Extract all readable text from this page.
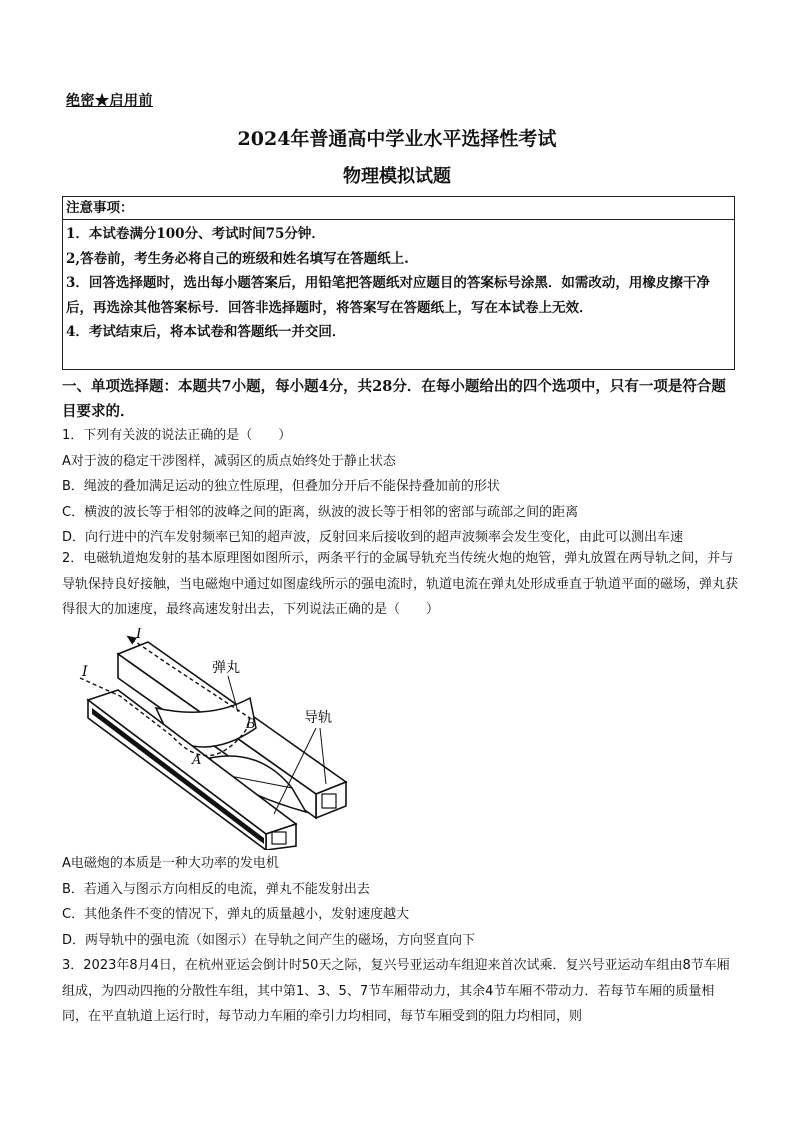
绝密★启用前
2024年普通高中学业水平选择性考试
物理模拟试题
注意事项：

1．本试卷满分100分、考试时间75分钟．

2,答卷前，考生务必将自己的班级和姓名填写在答题纸上.

3．回答选择题时，选出每小题答案后，用铅笔把答题纸对应题目的答案标号涂黑．如需改动，用橡皮擦干净后，再选涂其他答案标号．回答非选择题时，将答案写在答题纸上，写在本试卷上无效．

4．考试结束后，将本试卷和答题纸一并交回．

一、单项选择题：本题共7小题，每小题4分，共28分．在每小题给出的四个选项中，只有一项是符合题目要求的．

1．下列有关波的说法正确的是（　　）

A对于波的稳定干涉图样，减弱区的质点始终处于静止状态

B．绳波的叠加满足运动的独立性原理，但叠加分开后不能保持叠加前的形状

C．横波的波长等于相邻的波峰之间的距离，纵波的波长等于相邻的密部与疏部之间的距离

D．向行进中的汽车发射频率已知的超声波，反射回来后接收到的超声波频率会发生变化，由此可以测出车速

2．电磁轨道炮发射的基本原理图如图所示，两条平行的金属导轨充当传统火炮的炮管，弹丸放置在两导轨之间，并与导轨保持良好接触，当电磁炮中通过如图虚线所示的强电流时，轨道电流在弹丸处形成垂直于轨道平面的磁场，弹丸获得很大的加速度，最终高速发射出去，下列说法正确的是（　　）

I
I
B
A
弹丸
导轨

A电磁炮的本质是一种大功率的发电机

B．若通入与图示方向相反的电流，弹丸不能发射出去

C．其他条件不变的情况下，弹丸的质量越小，发射速度越大

D．两导轨中的强电流（如图示）在导轨之间产生的磁场，方向竖直向下

3．2023年8月4日，在杭州亚运会倒计时50天之际，复兴号亚运动车组迎来首次试乘．复兴号亚运动车组由8节车厢组成，为四动四拖的分散性车组，其中第1、3、5、7节车厢带动力，其余4节车厢不带动力．若每节车厢的质量相同，在平直轨道上运行时，每节动力车厢的牵引力均相同，每节车厢受到的阻力均相同，则
